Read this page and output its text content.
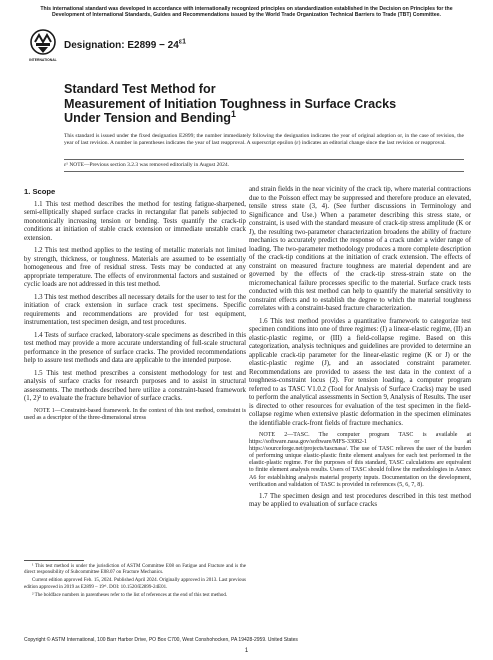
This international standard was developed in accordance with internationally recognized principles on standardization established in the Decision on Principles for the Development of International Standards, Guides and Recommendations issued by the World Trade Organization Technical Barriers to Trade (TBT) Committee.
INTERNATIONAL
Designation: $E2899 - 24^{\varepsilon 1}$
Standard Test Method for
Measurement of Initiation Toughness in Surface Cracks
Under Tension and Bending$^1$
This standard is issued under the fixed designation E2899; the number immediately following the designation indicates the year of original adoption or, in the case of revision, the year of last revision. A number in parentheses indicates the year of last reapproval. A superscript epsilon (ε) indicates an editorial change since the last revision or reapproval.
ε¹ NOTE—Previous section 3.2.3 was removed editorially in August 2024.
1. Scope

1.1 This test method describes the method for testing fatigue-sharpened, semi-elliptically shaped surface cracks in rectangular flat panels subjected to monotonically increasing tension or bending. Tests quantify the crack-tip conditions at initiation of stable crack extension or immediate unstable crack extension.

1.2 This test method applies to the testing of metallic materials not limited by strength, thickness, or toughness. Materials are assumed to be essentially homogeneous and free of residual stress. Tests may be conducted at any appropriate temperature. The effects of environmental factors and sustained or cyclic loads are not addressed in this test method.

1.3 This test method describes all necessary details for the user to test for the initiation of crack extension in surface crack test specimens. Specific requirements and recommendations are provided for test equipment, instrumentation, test specimen design, and test procedures.

1.4 Tests of surface cracked, laboratory-scale specimens as described in this test method may provide a more accurate understanding of full-scale structural performance in the presence of surface cracks. The provided recommendations help to assure test methods and data are applicable to the intended purpose.

1.5 This test method prescribes a consistent methodology for test and analysis of surface cracks for research purposes and to assist in structural assessments. The methods described here utilize a constraint-based framework (1, 2)² to evaluate the fracture behavior of surface cracks.

NOTE 1—Constraint-based framework. In the context of this test method, constraint is used as a descriptor of the three-dimensional stress
¹ This test method is under the jurisdiction of ASTM Committee E08 on Fatigue and Fracture and is the direct responsibility of Subcommittee E08.07 on Fracture Mechanics.
Current edition approved Feb. 15, 2024. Published April 2024. Originally approved in 2013. Last previous edition approved in 2019 as E2899 – 19ᵉ¹. DOI: 10.1520/E2899-24E01.
² The boldface numbers in parentheses refer to the list of references at the end of this test method.

and strain fields in the near vicinity of the crack tip, where material contractions due to the Poisson effect may be suppressed and therefore produce an elevated, tensile stress state (3, 4). (See further discussions in Terminology and Significance and Use.) When a parameter describing this stress state, or constraint, is used with the standard measure of crack-tip stress amplitude (K or J), the resulting two-parameter characterization broadens the ability of fracture mechanics to accurately predict the response of a crack under a wider range of loading. The two-parameter methodology produces a more complete description of the crack-tip conditions at the initiation of crack extension. The effects of constraint on measured fracture toughness are material dependent and are governed by the effects of the crack-tip stress-strain state on the micromechanical failure processes specific to the material. Surface crack tests conducted with this test method can help to quantify the material sensitivity to constraint effects and to establish the degree to which the material toughness correlates with a constraint-based fracture characterization.

1.6 This test method provides a quantitative framework to categorize test specimen conditions into one of three regimes: (I) a linear-elastic regime, (II) an elastic-plastic regime, or (III) a field-collapse regime. Based on this categorization, analysis techniques and guidelines are provided to determine an applicable crack-tip parameter for the linear-elastic regime (K or J) or the elastic-plastic regime (J), and an associated constraint parameter. Recommendations are provided to assess the test data in the context of a toughness-constraint locus (2). For tension loading, a computer program referred to as TASC V1.0.2 (Tool for Analysis of Surface Cracks) may be used to perform the analytical assessments in Section 9, Analysis of Results. The user is directed to other resources for evaluation of the test specimen in the field-collapse regime when extensive plastic deformation in the specimen eliminates the identifiable crack-front fields of fracture mechanics.

NOTE 2—TASC. The computer program TASC is available at https://software.nasa.gov/software/MFS-33082-1 or at https://sourceforge.net/projects/tascnasa/. The use of TASC relieves the user of the burden of performing unique elastic-plastic finite element analyses for each test performed in the elastic-plastic regime. For the purposes of this standard, TASC calculations are equivalent to finite element analysis results. Users of TASC should follow the methodologies in Annex A6 for establishing analysis material property inputs. Documentation on the development, verification and validation of TASC is provided in references (5, 6, 7, 8).

1.7 The specimen design and test procedures described in this test method may be applied to evaluation of surface cracks

Copyright © ASTM International, 100 Barr Harbor Drive, PO Box C700, West Conshohocken, PA 19428-2959. United States
1
